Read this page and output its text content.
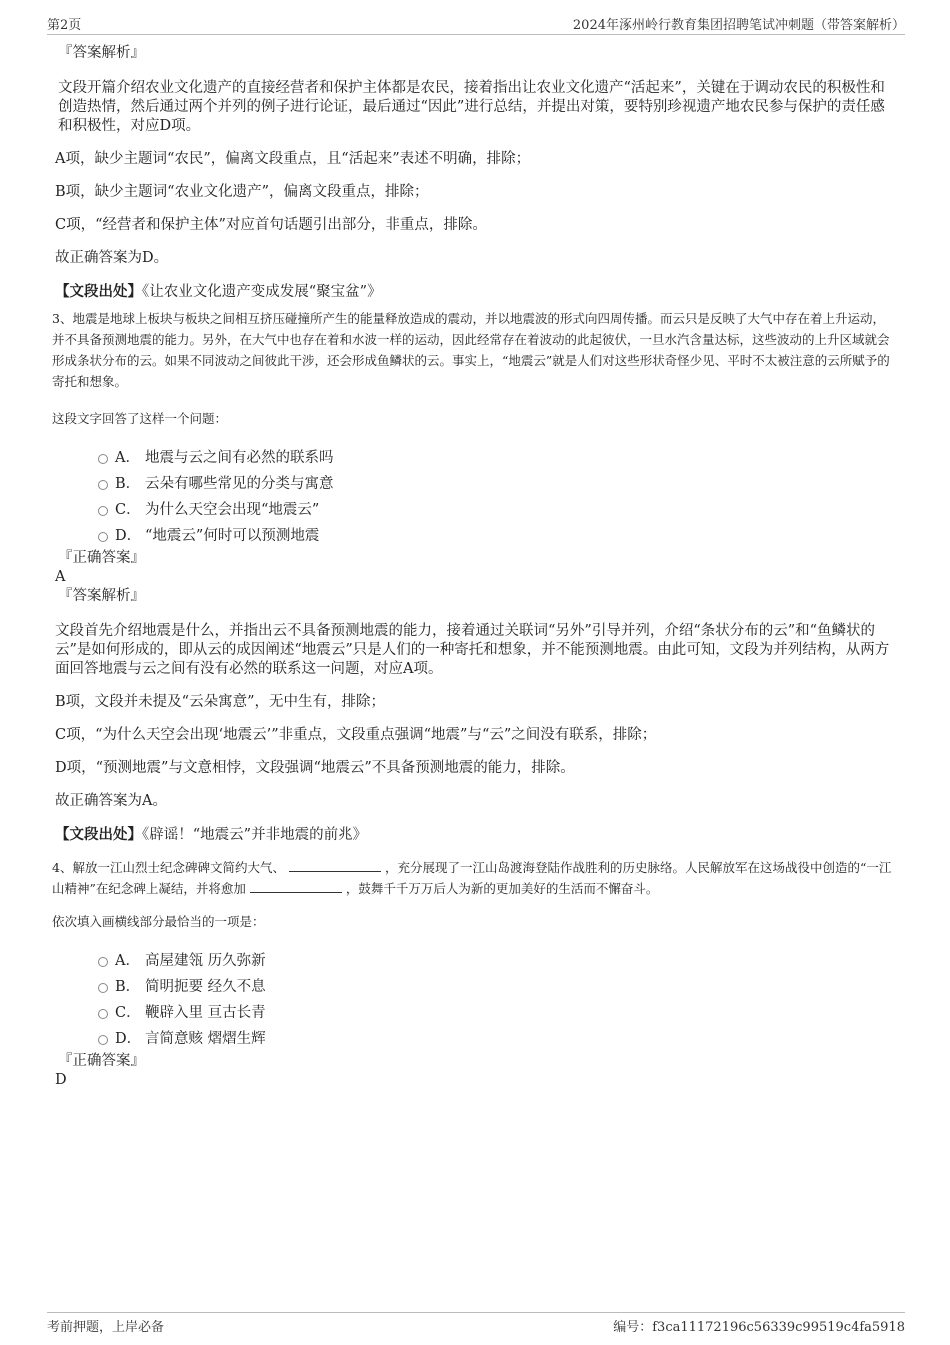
第2页	2024年涿州岭行教育集团招聘笔试冲刺题（带答案解析）

『答案解析』

文段开篇介绍农业文化遗产的直接经营者和保护主体都是农民，接着指出让农业文化遗产“活起来”，关键在于调动农民的积极性和创造热情，然后通过两个并列的例子进行论证，最后通过“因此”进行总结，并提出对策，要特别珍视遗产地农民参与保护的责任感和积极性，对应D项。

A项，缺少主题词“农民”，偏离文段重点，且“活起来”表述不明确，排除；

B项，缺少主题词“农业文化遗产”，偏离文段重点，排除；

C项，“经营者和保护主体”对应首句话题引出部分，非重点，排除。

故正确答案为D。

【文段出处】《让农业文化遗产变成发展“聚宝盆”》

3、地震是地球上板块与板块之间相互挤压碰撞所产生的能量释放造成的震动，并以地震波的形式向四周传播。而云只是反映了大气中存在着上升运动，并不具备预测地震的能力。另外，在大气中也存在着和水波一样的运动，因此经常存在着波动的此起彼伏，一旦水汽含量达标，这些波动的上升区域就会形成条状分布的云。如果不同波动之间彼此干涉，还会形成鱼鳞状的云。事实上，“地震云”就是人们对这些形状奇怪少见、平时不太被注意的云所赋予的寄托和想象。

这段文字回答了这样一个问题：

A． 地震与云之间有必然的联系吗
B． 云朵有哪些常见的分类与寓意
C． 为什么天空会出现“地震云”
D． “地震云”何时可以预测地震

『正确答案』

A

『答案解析』

文段首先介绍地震是什么，并指出云不具备预测地震的能力，接着通过关联词“另外”引导并列，介绍“条状分布的云”和“鱼鳞状的云”是如何形成的，即从云的成因阐述“地震云”只是人们的一种寄托和想象，并不能预测地震。由此可知，文段为并列结构，从两方面回答地震与云之间有没有必然的联系这一问题，对应A项。

B项，文段并未提及“云朵寓意”，无中生有，排除；

C项，“为什么天空会出现‘地震云’”非重点，文段重点强调“地震”与“云”之间没有联系，排除；

D项，“预测地震”与文意相悖，文段强调“地震云”不具备预测地震的能力，排除。

故正确答案为A。

【文段出处】《辟谣！“地震云”并非地震的前兆》

4、解放一江山烈士纪念碑碑文简约大气、	，充分展现了一江山岛渡海登陆作战胜利的历史脉络。人民解放军在这场战役中创造的“一江山精神”在纪念碑上凝结，并将愈加	，鼓舞千千万万后人为新的更加美好的生活而不懈奋斗。

依次填入画横线部分最恰当的一项是：

A． 高屋建瓴 历久弥新
B． 简明扼要 经久不息
C． 鞭辟入里 亘古长青
D． 言简意赅 熠熠生辉

『正确答案』

D

考前押题，上岸必备	编号：f3ca11172196c56339c99519c4fa5918
